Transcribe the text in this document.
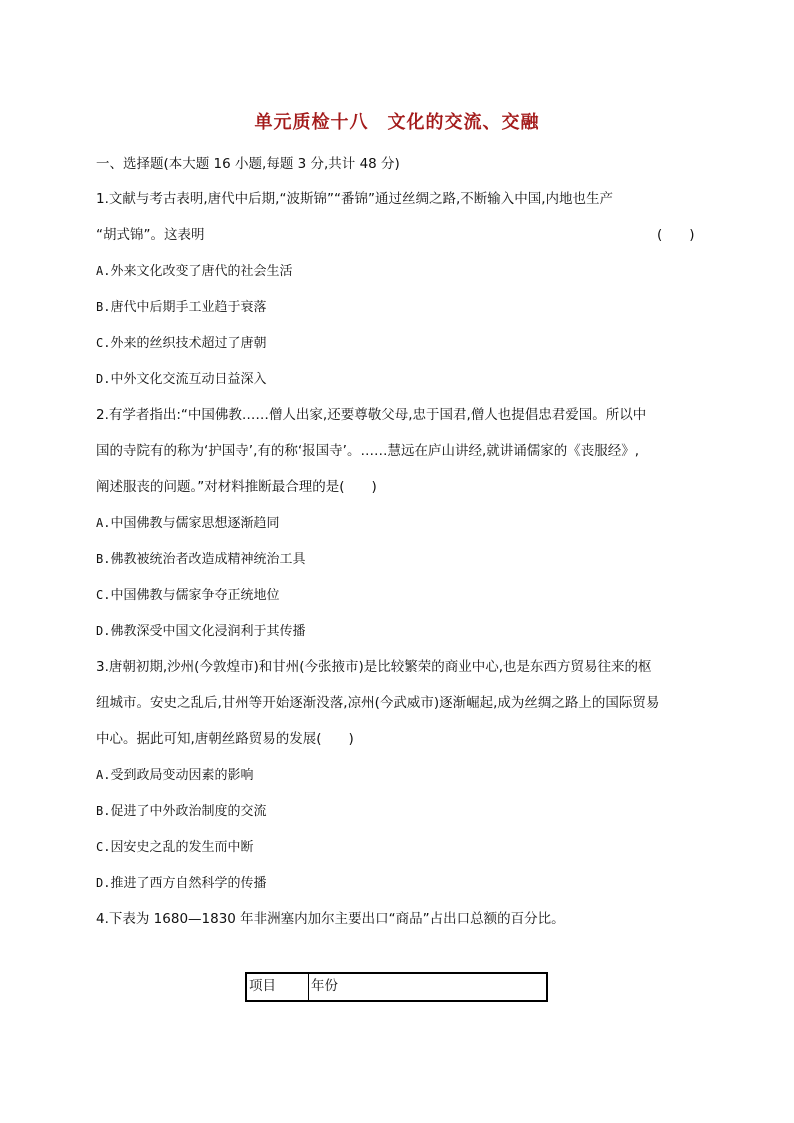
单元质检十八　文化的交流、交融
一、选择题(本大题 16 小题,每题 3 分,共计 48 分)
1.文献与考古表明,唐代中后期,“波斯锦”“番锦”通过丝绸之路,不断输入中国,内地也生产
“胡式锦”。这表明	(　　)
A.外来文化改变了唐代的社会生活
B.唐代中后期手工业趋于衰落
C.外来的丝织技术超过了唐朝
D.中外文化交流互动日益深入
2.有学者指出:“中国佛教……僧人出家,还要尊敬父母,忠于国君,僧人也提倡忠君爱国。所以中
国的寺院有的称为‘护国寺’,有的称‘报国寺’。……慧远在庐山讲经,就讲诵儒家的《丧服经》,
阐述服丧的问题。”对材料推断最合理的是(　　)
A.中国佛教与儒家思想逐渐趋同
B.佛教被统治者改造成精神统治工具
C.中国佛教与儒家争夺正统地位
D.佛教深受中国文化浸润利于其传播
3.唐朝初期,沙州(今敦煌市)和甘州(今张掖市)是比较繁荣的商业中心,也是东西方贸易往来的枢
纽城市。安史之乱后,甘州等开始逐渐没落,凉州(今武威市)逐渐崛起,成为丝绸之路上的国际贸易
中心。据此可知,唐朝丝路贸易的发展(　　)
A.受到政局变动因素的影响
B.促进了中外政治制度的交流
C.因安史之乱的发生而中断
D.推进了西方自然科学的传播
4.下表为 1680—1830 年非洲塞内加尔主要出口“商品”占出口总额的百分比。
项目	年份
